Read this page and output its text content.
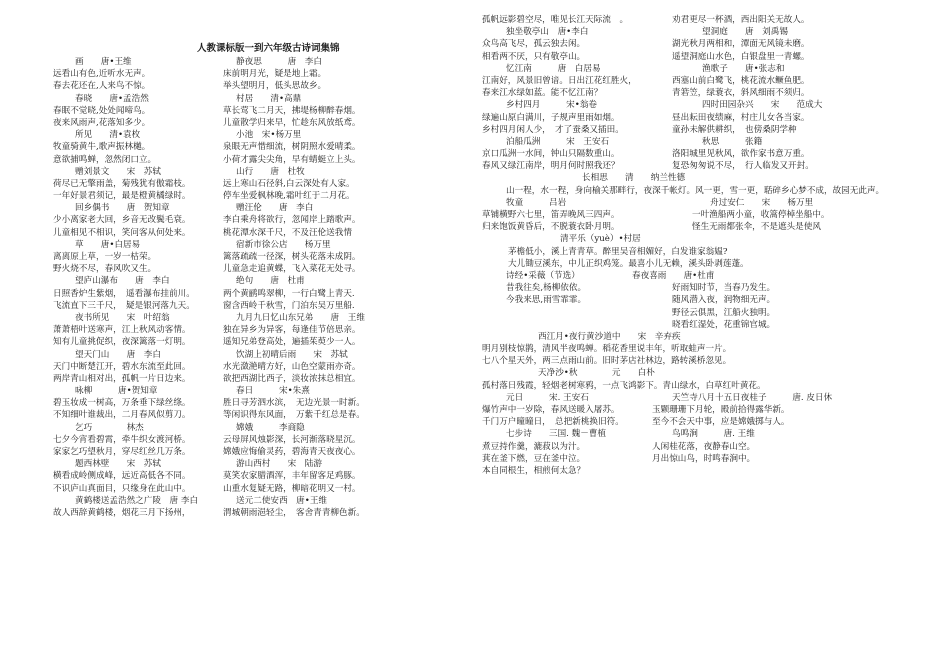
人教课标版一到六年级古诗词集锦
画　　唐•王维	静夜思　　　唐　李白
远看山有色,近听水无声。	床前明月光，疑是地上霜。
春去花还在,人来鸟不惊。	举头望明月，低头思故乡。
春晓　　唐•孟浩然	村居　　清•高鼎
春眠不觉晓,处处闻啼鸟。	草长莺飞二月天，拂堤杨柳醉春烟。
夜来风雨声,花落知多少。	儿童散学归来早，忙趁东风放纸鸢。
所见　　清•袁枚	小池　宋•杨万里
牧童骑黄牛,歌声振林樾。	泉眼无声惜细流，树阴照水爱晴柔。
意欲捕鸣蝉，忽然闭口立。	小荷才露尖尖角，早有蜻蜓立上头。
赠刘景文　　宋　苏轼	山行　　唐　杜牧
荷尽已无擎雨盖，菊残犹有傲霜枝。	远上寒山石径斜,白云深处有人家。
一年好景君须记，最是橙黄橘绿时。	停车坐爱枫林晚,霜叶红于二月花。
回乡偶书　　唐　贺知章	赠汪伦　　唐　李白
少小离家老大回，乡音无改鬓毛衰。	李白乘舟将欲行，忽闻岸上踏歌声。
儿童相见不相识，笑问客从何处来。	桃花潭水深千尺，不及汪伦送我情
草　　唐•白居易	宿新市徐公店　　杨万里
离离原上草，一岁一枯荣。	篱落疏疏一径深，树头花落未成阴。
野火烧不尽，春风吹又生。	儿童急走追黄蝶，飞入菜花无处寻。
望庐山瀑布　　唐　李白	绝句　　唐　杜甫
日照香炉生紫烟，　遥看瀑布挂前川。	两个黄鹂鸣翠柳，一行白鹭上青天.
飞流直下三千尺，　疑是银河落九天。	窗含西岭千秋雪，门泊东吴万里船.
夜书所见　　宋　叶绍翁	九月九日忆山东兄弟　　唐　王维
萧萧梧叶送寒声，江上秋风动客情。	独在异乡为异客，每逢佳节倍思亲。
知有儿童挑促织，夜深篱落一灯明。	遥知兄弟登高处，遍插茱萸少一人。
望天门山　　唐　李白	饮湖上初晴后雨　　宋　苏轼
天门中断楚江开，碧水东流至此回。	水光潋滟晴方好，山色空蒙雨亦奇。
两岸青山相对出，孤帆一片日边来。	欲把西湖比西子，淡妆浓抹总相宜。
咏柳　　　唐•贺知章	春日　　　宋•朱熹
碧玉妆成一树高，万条垂下绿丝绦。	胜日寻芳泗水滨，　无边光景一时新。
不知细叶谁裁出，二月春风似剪刀。	等闲识得东风面，　万紫千红总是春。
乞巧　　　　林杰	嫦娥　　　李商隐
七夕今宵看碧霄，牵牛织女渡河桥。	云母屏风烛影深，长河渐落晓星沉。
家家乞巧望秋月，穿尽红丝几万条。	嫦娥应悔偷灵药，碧海青天夜夜心。
题西林壁　　宋　苏轼	游山西村　　宋　陆游
横看成岭侧成峰，远近高低各不同。	莫笑农家腊酒浑，丰年留客足鸡豚。
不识庐山真面目，只缘身在此山中。	山重水复疑无路，柳暗花明又一村。
黄鹤楼送孟浩然之广陵　唐 李白	送元二使安西　唐•王维
故人西辞黄鹤楼，烟花三月下扬州，	渭城朝雨浥轻尘，　客舍青青柳色新。
孤帆远影碧空尽，唯见长江天际流　。	劝君更尽一杯酒，西出阳关无故人。
独坐敬亭山　唐•李白	望洞庭　　唐　刘禹锡
众鸟高飞尽，孤云独去闲。	湖光秋月两相和，潭面无风镜未磨。
相看两不厌，只有敬亭山。	遥望洞庭山水色，白银盘里一青螺。
忆江南　　　唐　白居易	渔歌子　　唐•张志和
江南好，风景旧曾谙。日出江花红胜火，	西塞山前白鹭飞，桃花流水鳜鱼肥。
春来江水绿如蓝。能不忆江南？	青箬笠，绿蓑衣，斜风细雨不须归。
乡村四月　　　宋•翁卷	四时田园杂兴　　宋　　范成大
绿遍山原白满川，子规声里雨如烟。	昼出耘田夜绩麻，村庄儿女各当家。
乡村四月闲人少，　才了蚕桑又插田。	童孙未解供耕织，　也傍桑阴学种
泊船瓜洲　　　宋　王安石	秋思　　　张籍
京口瓜洲一水间，钟山只隔数重山。	洛阳城里见秋风，欲作家书意万重。
春风又绿江南岸，明月何时照我还？	复恐匆匆说不尽，　行人临发又开封。
长相思　　清　　纳兰性德
山一程，水一程，身向榆关那畔行，夜深千帐灯。风一更，雪一更，聒碎乡心梦不成，故园无此声。
牧童　　　吕岩	舟过安仁　　宋　　杨万里
草铺横野六七里，笛弄晚风三四声。	一叶渔船两小童，收篙停棹坐船中。
归来饱饭黄昏后，不脱蓑衣卧月明。	怪生无雨都张伞，不是遮头是使风
清平乐（yuè）•村居
茅檐低小，溪上青青草。醉里吴音相媚好，白发谁家翁媪?
大儿锄豆溪东，中儿正织鸡笼。最喜小儿无赖，溪头卧剥莲蓬。
诗经•采薇（节选）	春夜喜雨　　唐•杜甫
昔我往矣,杨柳依依。	好雨知时节，当春乃发生。
今我来思,雨雪霏霏。	随风潜入夜，润物细无声。
野径云俱黑，江船火独明。
晓看红湿处，花重锦官城。
西江月•夜行黄沙道中　　宋　辛弃疾
明月别枝惊鹊，清风半夜鸣蝉。稻花香里说丰年，听取蛙声一片。
七八个星天外，两三点雨山前。旧时茅店社林边，路转溪桥忽见。
天净沙•秋　　　　元　　白朴
孤村落日残霞，轻烟老树寒鸦，一点飞鸿影下。青山绿水，白草红叶黄花。
元日　　　宋. 王安石	天竺寺八月十五日夜桂子　　　唐. 皮日休
爆竹声中一岁除，春风送暖入屠苏。	玉颗珊珊下月轮，殿前拾得露华新。
千门万户曈曈日，　总把新桃换旧符。	至今不会天中事，应是嫦娥掷与人。
七步诗　　三国. 魏－曹植	鸟鸣涧　　　唐. 王维
煮豆持作羹，漉菽以为汁。	人闲桂花落，夜静春山空。
萁在釜下燃，豆在釜中泣。	月出惊山鸟，时鸣春涧中。
本自同根生，相煎何太急？
